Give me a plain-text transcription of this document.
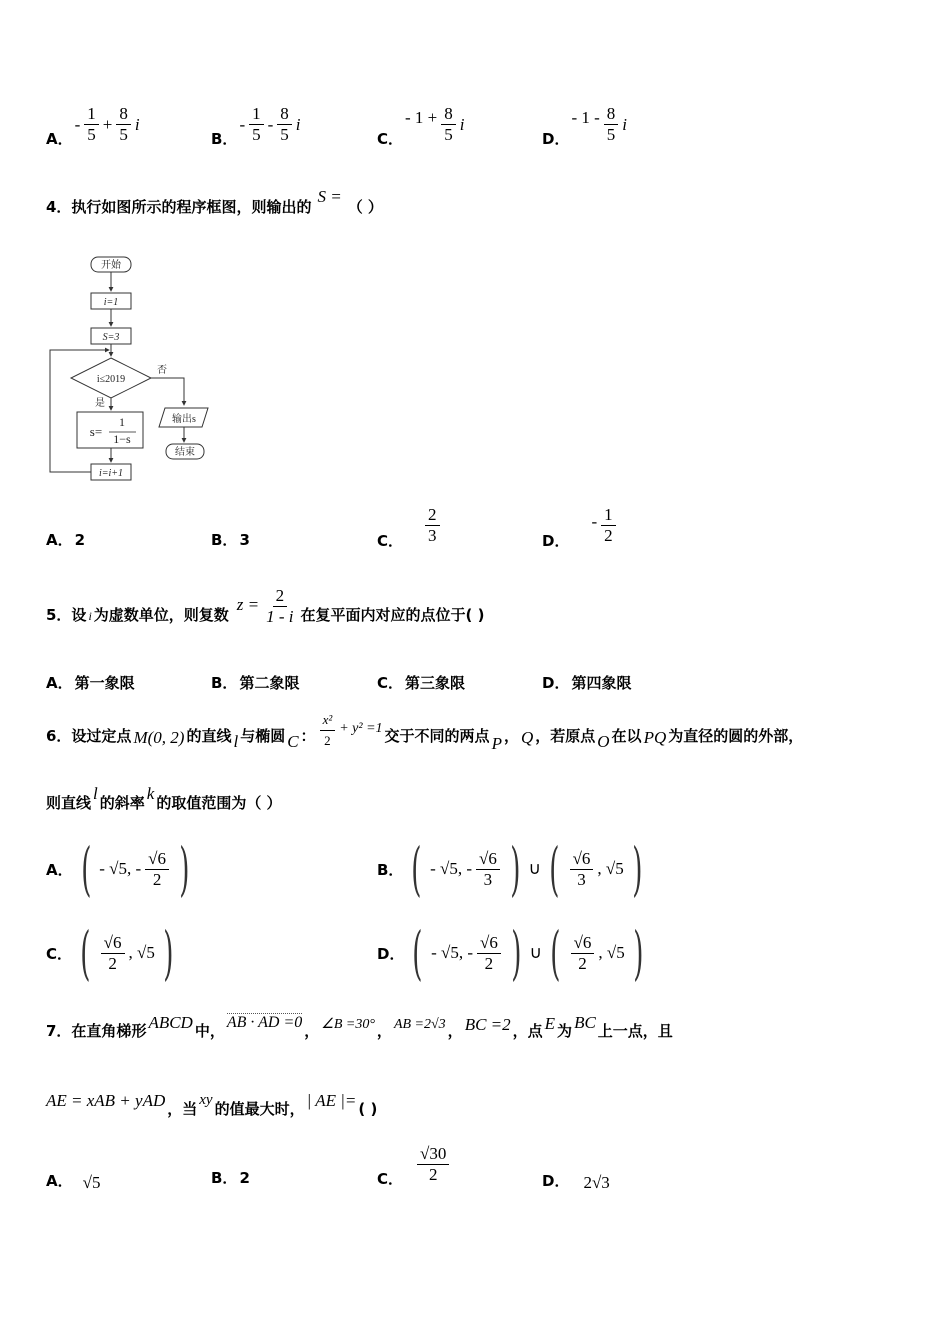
A．
- $\frac{1}{5} + \frac{8}{5}$ i
B．
- $\frac{1}{5} - \frac{8}{5}$ i
C．
- $1 + \frac{8}{5}$ i
D．
- $1 - \frac{8}{5}$ i
4．执行如图所示的程序框图，则输出的
S =
（ ）
开始
i=1
S=3
i≤2019
否
是
s=
1
1−s
输出s
结束
i=i+1
A． 2	B． 3	C． $\frac{2}{3}$	D．
- $\frac{1}{2}$
5．设 i 为虚数单位，则复数
$z = \frac{2}{1 - i}$ 在复平面内对应的点位于( )
A． 第一象限	B． 第二象限	C． 第三象限	D． 第四象限
6．设过定点 M(0, 2) 的直线 l 与椭圆 C ： $\frac{\text{x²}}{2} + y^2 =1$ 交于不同的两点 P ， Q ，若原点 O 在以 PQ 为直径的圆的外部，
则直线
l
的斜率
k
的取值范围为（ ）
A． ( - √5, - $\frac{√6}{2}$ )	B． ( - √5, - $\frac{√6}{3}$ ) ∪ ( $\frac{√6}{3}$ , √5 )
C． ( $\frac{√6}{2}$ , √5 )	D． ( - √5, - $\frac{√6}{2}$ ) ∪ ( $\frac{√6}{2}$ , √5 )
7．在直角梯形 ABCD 中， AB · AD =0 ， ∠B =30° ， AB =2√3 ， BC =2 ，点 E 为 BC 上一点，且
AE = xAB + yAD ，当 xy 的值最大时， | AE |= ( )
A． √5	B． 2	C． $\frac{√30}{2}$	D． 2√3
